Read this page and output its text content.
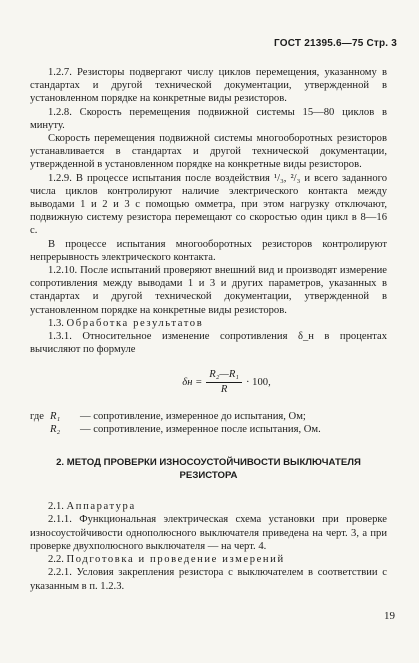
ГОСТ 21395.6—75 Стр. 3

1.2.7. Резисторы подвергают числу циклов перемещения, указанному в стандартах и другой технической документации, утвержденной в установленном порядке на конкретные виды резисторов.

1.2.8. Скорость перемещения подвижной системы 15—80 циклов в минуту.

Скорость перемещения подвижной системы многооборотных резисторов устанавливается в стандартах и другой технической документации, утвержденной в установленном порядке на конкретные виды резисторов.

1.2.9. В процессе испытания после воздействия ¹/₃, ²/₃ и всего заданного числа циклов контролируют наличие электрического контакта между выводами 1 и 2 и 3 с помощью омметра, при этом нагрузку отключают, подвижную систему резистора перемещают со скоростью один цикл в 8—16 с.

В процессе испытания многооборотных резисторов контролируют непрерывность электрического контакта.

1.2.10. После испытаний проверяют внешний вид и производят измерение сопротивления между выводами 1 и 3 и других параметров, указанных в стандартах и другой технической документации, утвержденной в установленном порядке на конкретные виды резисторов.

1.3. Обработка результатов

1.3.1. Относительное изменение сопротивления δ_н в процентах вычисляют по формуле

$\delta н = \frac{\text{R₂—R₁}}{R} \cdot 100$,
где R₁	— сопротивление, измеренное до испытания, Ом;
R₂	— сопротивление, измеренное после испытания, Ом.
2. МЕТОД ПРОВЕРКИ ИЗНОСОУСТОЙЧИВОСТИ ВЫКЛЮЧАТЕЛЯ РЕЗИСТОРА

2.1. Аппаратура

2.1.1. Функциональная электрическая схема установки при проверке износоустойчивости однополюсного выключателя приведена на черт. 3, а при проверке двухполюсного выключателя — на черт. 4.

2.2. Подготовка и проведение измерений

2.2.1. Условия закрепления резистора с выключателем в соответствии с указанным в п. 1.2.3.

19
